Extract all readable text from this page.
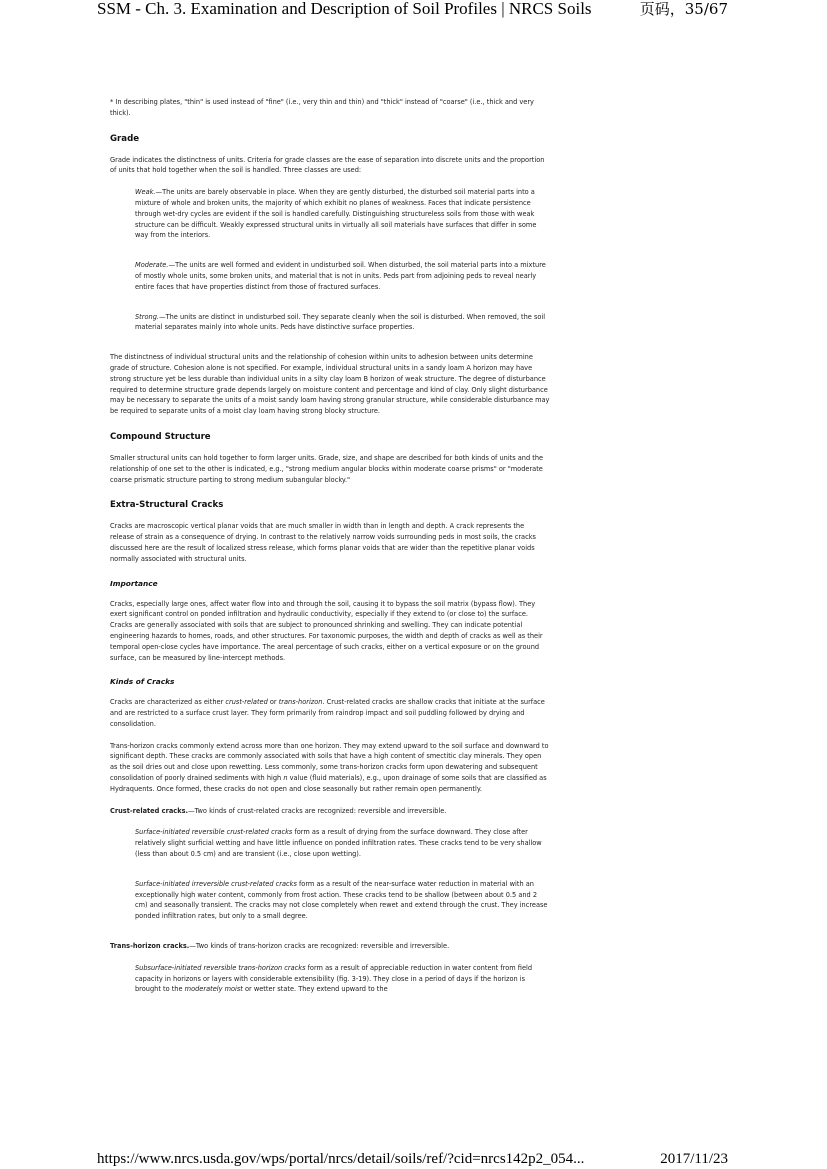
SSM - Ch. 3. Examination and Description of Soil Profiles | NRCS Soils	页码，35/67

* In describing plates, "thin" is used instead of "fine" (i.e., very thin and thin) and "thick" instead of "coarse" (i.e., thick and very thick).

Grade

Grade indicates the distinctness of units. Criteria for grade classes are the ease of separation into discrete units and the proportion of units that hold together when the soil is handled. Three classes are used:

Weak.—The units are barely observable in place. When they are gently disturbed, the disturbed soil material parts into a mixture of whole and broken units, the majority of which exhibit no planes of weakness. Faces that indicate persistence through wet-dry cycles are evident if the soil is handled carefully. Distinguishing structureless soils from those with weak structure can be difficult. Weakly expressed structural units in virtually all soil materials have surfaces that differ in some way from the interiors.

Moderate.—The units are well formed and evident in undisturbed soil. When disturbed, the soil material parts into a mixture of mostly whole units, some broken units, and material that is not in units. Peds part from adjoining peds to reveal nearly entire faces that have properties distinct from those of fractured surfaces.

Strong.—The units are distinct in undisturbed soil. They separate cleanly when the soil is disturbed. When removed, the soil material separates mainly into whole units. Peds have distinctive surface properties.

The distinctness of individual structural units and the relationship of cohesion within units to adhesion between units determine grade of structure. Cohesion alone is not specified. For example, individual structural units in a sandy loam A horizon may have strong structure yet be less durable than individual units in a silty clay loam B horizon of weak structure. The degree of disturbance required to determine structure grade depends largely on moisture content and percentage and kind of clay. Only slight disturbance may be necessary to separate the units of a moist sandy loam having strong granular structure, while considerable disturbance may be required to separate units of a moist clay loam having strong blocky structure.

Compound Structure

Smaller structural units can hold together to form larger units. Grade, size, and shape are described for both kinds of units and the relationship of one set to the other is indicated, e.g., "strong medium angular blocks within moderate coarse prisms" or "moderate coarse prismatic structure parting to strong medium subangular blocky."

Extra-Structural Cracks

Cracks are macroscopic vertical planar voids that are much smaller in width than in length and depth. A crack represents the release of strain as a consequence of drying. In contrast to the relatively narrow voids surrounding peds in most soils, the cracks discussed here are the result of localized stress release, which forms planar voids that are wider than the repetitive planar voids normally associated with structural units.

Importance

Cracks, especially large ones, affect water flow into and through the soil, causing it to bypass the soil matrix (bypass flow). They exert significant control on ponded infiltration and hydraulic conductivity, especially if they extend to (or close to) the surface. Cracks are generally associated with soils that are subject to pronounced shrinking and swelling. They can indicate potential engineering hazards to homes, roads, and other structures. For taxonomic purposes, the width and depth of cracks as well as their temporal open-close cycles have importance. The areal percentage of such cracks, either on a vertical exposure or on the ground surface, can be measured by line-intercept methods.

Kinds of Cracks

Cracks are characterized as either crust-related or trans-horizon. Crust-related cracks are shallow cracks that initiate at the surface and are restricted to a surface crust layer. They form primarily from raindrop impact and soil puddling followed by drying and consolidation.

Trans-horizon cracks commonly extend across more than one horizon. They may extend upward to the soil surface and downward to significant depth. These cracks are commonly associated with soils that have a high content of smectitic clay minerals. They open as the soil dries out and close upon rewetting. Less commonly, some trans-horizon cracks form upon dewatering and subsequent consolidation of poorly drained sediments with high n value (fluid materials), e.g., upon drainage of some soils that are classified as Hydraquents. Once formed, these cracks do not open and close seasonally but rather remain open permanently.

Crust-related cracks.—Two kinds of crust-related cracks are recognized: reversible and irreversible.

Surface-initiated reversible crust-related cracks form as a result of drying from the surface downward. They close after relatively slight surficial wetting and have little influence on ponded infiltration rates. These cracks tend to be very shallow (less than about 0.5 cm) and are transient (i.e., close upon wetting).

Surface-initiated irreversible crust-related cracks form as a result of the near-surface water reduction in material with an exceptionally high water content, commonly from frost action. These cracks tend to be shallow (between about 0.5 and 2 cm) and seasonally transient. The cracks may not close completely when rewet and extend through the crust. They increase ponded infiltration rates, but only to a small degree.

Trans-horizon cracks.—Two kinds of trans-horizon cracks are recognized: reversible and irreversible.

Subsurface-initiated reversible trans-horizon cracks form as a result of appreciable reduction in water content from field capacity in horizons or layers with considerable extensibility (fig. 3-19). They close in a period of days if the horizon is brought to the moderately moist or wetter state. They extend upward to the

https://www.nrcs.usda.gov/wps/portal/nrcs/detail/soils/ref/?cid=nrcs142p2_054...	2017/11/23
